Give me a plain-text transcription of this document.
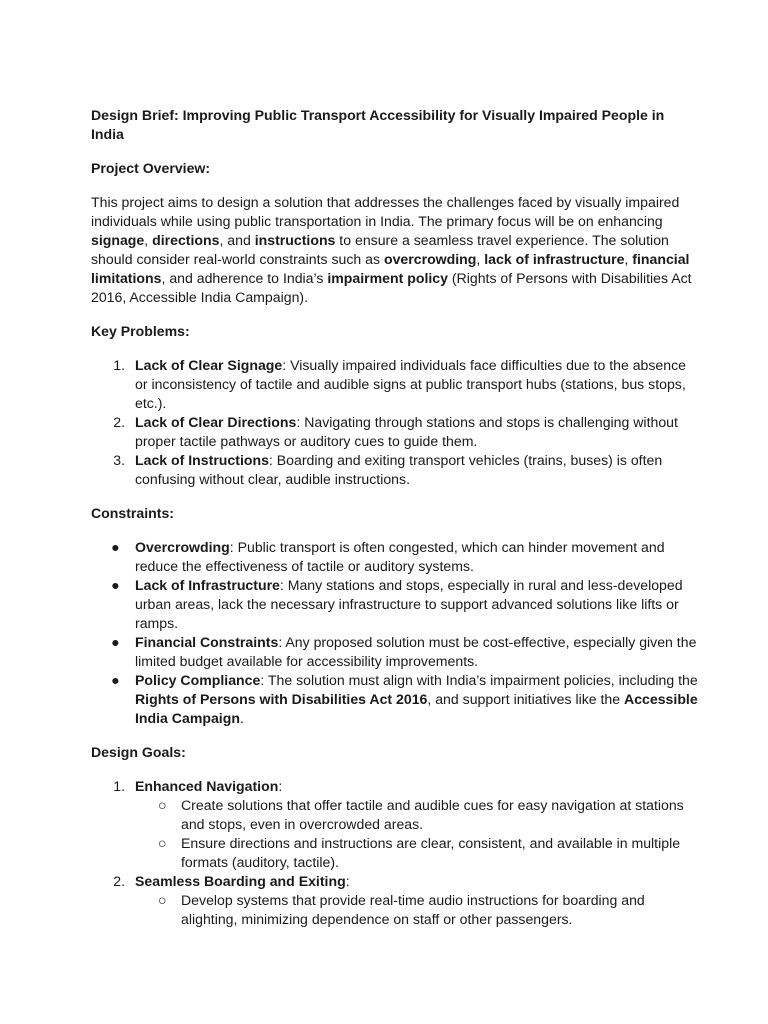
Design Brief: Improving Public Transport Accessibility for Visually Impaired People in India

Project Overview:

This project aims to design a solution that addresses the challenges faced by visually impaired individuals while using public transportation in India. The primary focus will be on enhancing signage, directions, and instructions to ensure a seamless travel experience. The solution should consider real-world constraints such as overcrowding, lack of infrastructure, financial limitations, and adherence to India’s impairment policy (Rights of Persons with Disabilities Act 2016, Accessible India Campaign).

Key Problems:

1. Lack of Clear Signage: Visually impaired individuals face difficulties due to the absence or inconsistency of tactile and audible signs at public transport hubs (stations, bus stops, etc.).
2. Lack of Clear Directions: Navigating through stations and stops is challenging without proper tactile pathways or auditory cues to guide them.
3. Lack of Instructions: Boarding and exiting transport vehicles (trains, buses) is often confusing without clear, audible instructions.

Constraints:

● Overcrowding: Public transport is often congested, which can hinder movement and reduce the effectiveness of tactile or auditory systems.
● Lack of Infrastructure: Many stations and stops, especially in rural and less-developed urban areas, lack the necessary infrastructure to support advanced solutions like lifts or ramps.
● Financial Constraints: Any proposed solution must be cost-effective, especially given the limited budget available for accessibility improvements.
● Policy Compliance: The solution must align with India’s impairment policies, including the Rights of Persons with Disabilities Act 2016, and support initiatives like the Accessible India Campaign.

Design Goals:

1. Enhanced Navigation:
○ Create solutions that offer tactile and audible cues for easy navigation at stations and stops, even in overcrowded areas.
○ Ensure directions and instructions are clear, consistent, and available in multiple formats (auditory, tactile).
2. Seamless Boarding and Exiting:
○ Develop systems that provide real-time audio instructions for boarding and alighting, minimizing dependence on staff or other passengers.
